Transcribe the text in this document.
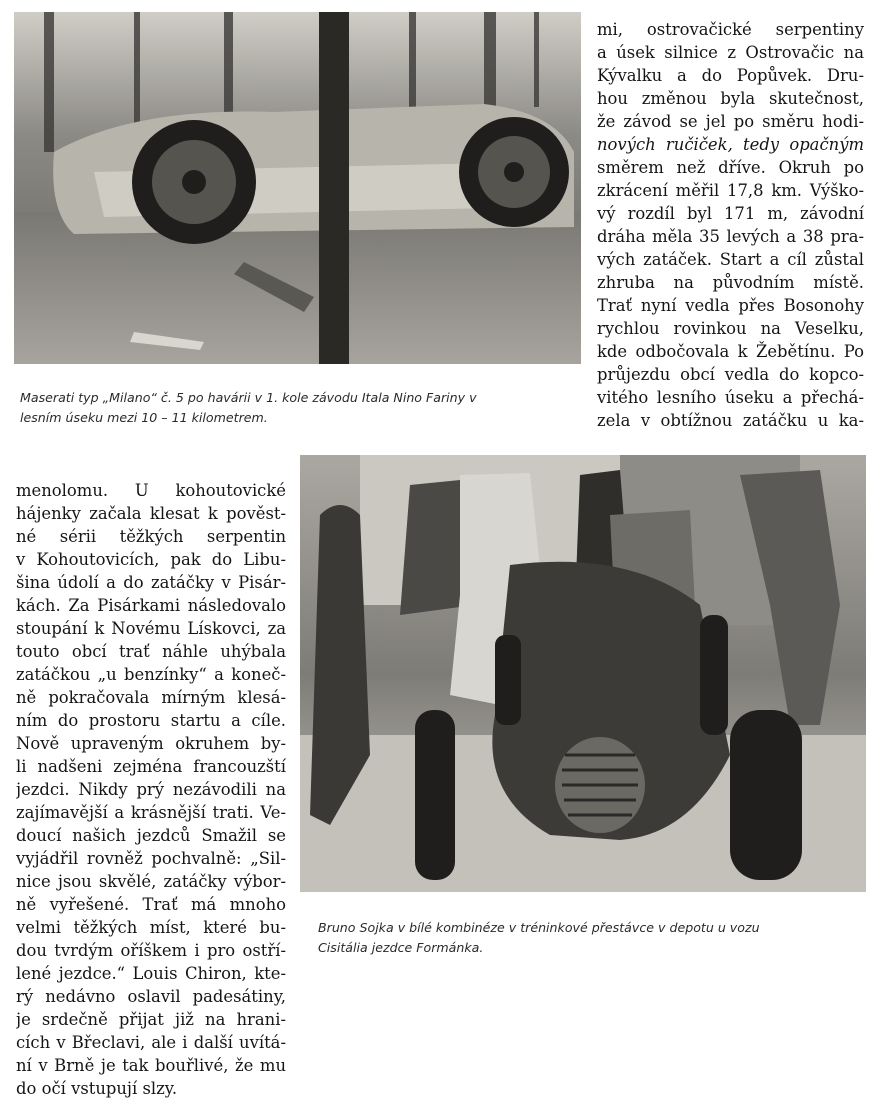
Maserati typ „Milano“ č. 5 po havárii v 1. kole závodu Itala Nino Fariny v
lesním úseku mezi 10 – 11 kilometrem.

mi, ostrovačické serpentiny
a úsek silnice z Ostrovačic na
Kývalku a do Popůvek. Dru-
hou změnou byla skutečnost,
že závod se jel po směru hodi-
nových ručiček, tedy opačným
směrem než dříve. Okruh po
zkrácení měřil 17,8 km. Výško-
vý rozdíl byl 171 m, závodní
dráha měla 35 levých a 38 pra-
vých zatáček. Start a cíl zůstal
zhruba na původním místě.
Trať nyní vedla přes Bosonohy
rychlou rovinkou na Veselku,
kde odbočovala k Žebětínu. Po
průjezdu obcí vedla do kopco-
vitého lesního úseku a přechá-
zela v obtížnou zatáčku u ka-

Bruno Sojka v bílé kombinéze v tréninkové přestávce v depotu u vozu
Cisitália jezdce Formánka.

menolomu. U kohoutovické
hájenky začala klesat k pověst-
né sérii těžkých serpentin
v Kohoutovicích, pak do Libu-
šina údolí a do zatáčky v Pisár-
kách. Za Pisárkami následovalo
stoupání k Novému Lískovci, za
touto obcí trať náhle uhýbala
zatáčkou „u benzínky“ a koneč-
ně pokračovala mírným klesá-
ním do prostoru startu a cíle.
Nově upraveným okruhem by-
li nadšeni zejména francouzští
jezdci. Nikdy prý nezávodili na
zajímavější a krásnější trati. Ve-
doucí našich jezdců Smažil se
vyjádřil rovněž pochvalně: „Sil-
nice jsou skvělé, zatáčky výbor-
ně vyřešené. Trať má mnoho
velmi těžkých míst, které bu-
dou tvrdým oříškem i pro ostří-
lené jezdce.“ Louis Chiron, kte-
rý nedávno oslavil padesátiny,
je srdečně přijat již na hrani-
cích v Břeclavi, ale i další uvítá-
ní v Brně je tak bouřlivé, že mu
do očí vstupují slzy.
